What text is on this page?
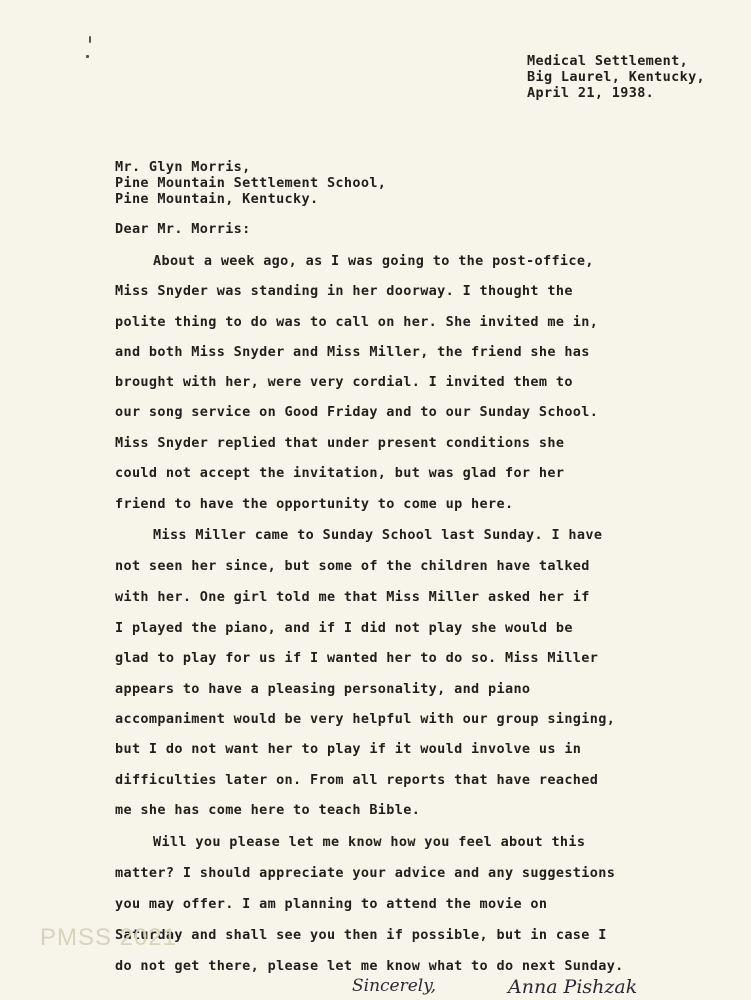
Medical Settlement,
Big Laurel, Kentucky,
April 21, 1938.
Mr. Glyn Morris,
Pine Mountain Settlement School,
Pine Mountain, Kentucky.
Dear Mr. Morris:
About a week ago, as I was going to the post-office,
Miss Snyder was standing in her doorway. I thought the
polite thing to do was to call on her. She invited me in,
and both Miss Snyder and Miss Miller, the friend she has
brought with her, were very cordial. I invited them to
our song service on Good Friday and to our Sunday School.
Miss Snyder replied that under present conditions she
could not accept the invitation, but was glad for her
friend to have the opportunity to come up here.
Miss Miller came to Sunday School last Sunday. I have
not seen her since, but some of the children have talked
with her. One girl told me that Miss Miller asked her if
I played the piano, and if I did not play she would be
glad to play for us if I wanted her to do so. Miss Miller
appears to have a pleasing personality, and piano
accompaniment would be very helpful with our group singing,
but I do not want her to play if it would involve us in
difficulties later on. From all reports that have reached
me she has come here to teach Bible.
Will you please let me know how you feel about this
matter? I should appreciate your advice and any suggestions
you may offer. I am planning to attend the movie on
Saturday and shall see you then if possible, but in case I
do not get there, please let me know what to do next Sunday.
Sincerely,	Anna Pishzak
PMSS 2021
